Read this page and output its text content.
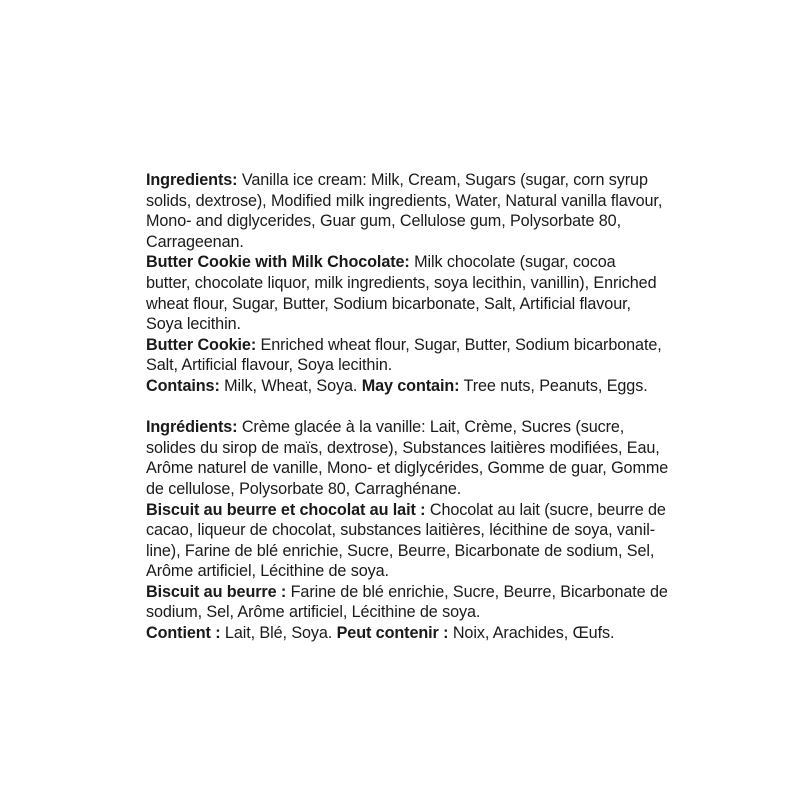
Ingredients: Vanilla ice cream: Milk, Cream, Sugars (sugar, corn syrup

solids, dextrose), Modified milk ingredients, Water, Natural vanilla flavour,

Mono- and diglycerides, Guar gum, Cellulose gum, Polysorbate 80,

Carrageenan.

Butter Cookie with Milk Chocolate: Milk chocolate (sugar, cocoa

butter, chocolate liquor, milk ingredients, soya lecithin, vanillin), Enriched

wheat flour, Sugar, Butter, Sodium bicarbonate, Salt, Artificial flavour,

Soya lecithin.

Butter Cookie: Enriched wheat flour, Sugar, Butter, Sodium bicarbonate,

Salt, Artificial flavour, Soya lecithin.

Contains: Milk, Wheat, Soya. May contain: Tree nuts, Peanuts, Eggs.

Ingrédients: Crème glacée à la vanille: Lait, Crème, Sucres (sucre,

solides du sirop de maïs, dextrose), Substances laitières modifiées, Eau,

Arôme naturel de vanille, Mono- et diglycérides, Gomme de guar, Gomme

de cellulose, Polysorbate 80, Carraghénane.

Biscuit au beurre et chocolat au lait : Chocolat au lait (sucre, beurre de

cacao, liqueur de chocolat, substances laitières, lécithine de soya, vanil-

line), Farine de blé enrichie, Sucre, Beurre, Bicarbonate de sodium, Sel,

Arôme artificiel, Lécithine de soya.

Biscuit au beurre : Farine de blé enrichie, Sucre, Beurre, Bicarbonate de

sodium, Sel, Arôme artificiel, Lécithine de soya.

Contient : Lait, Blé, Soya. Peut contenir : Noix, Arachides, Œufs.
